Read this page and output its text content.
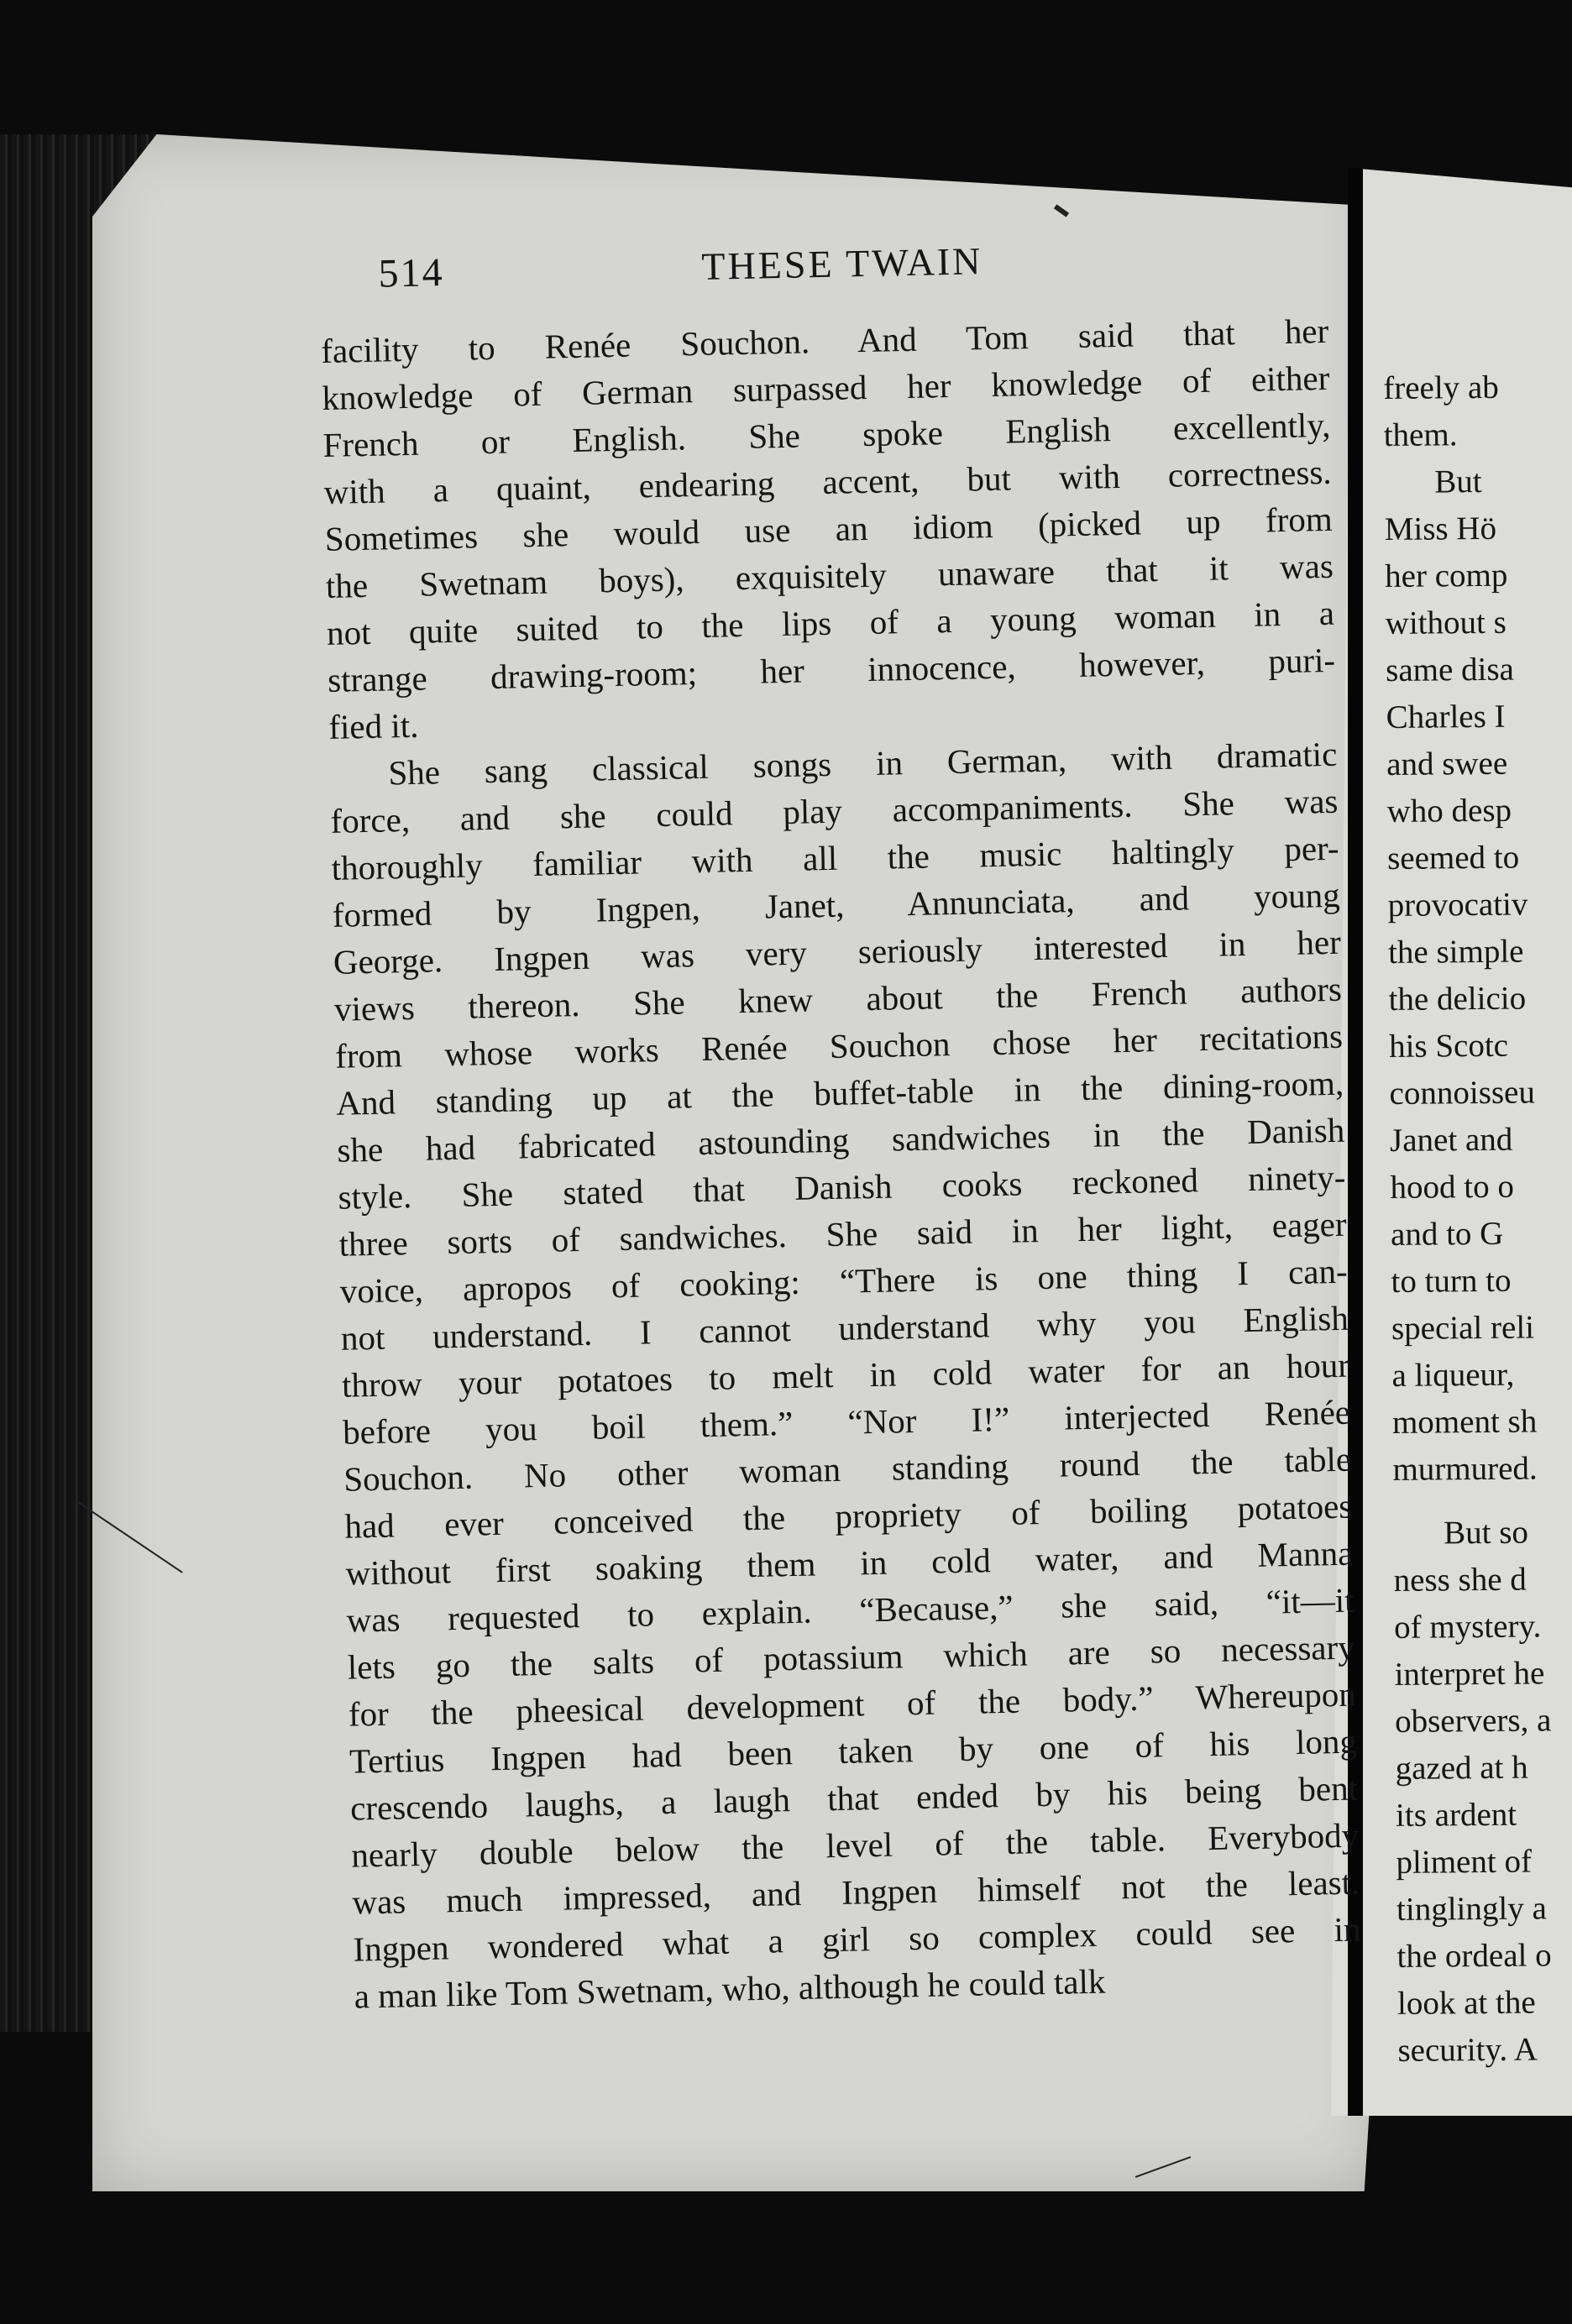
514	THESE TWAIN
facility to Renée Souchon. And Tom said that her
knowledge of German surpassed her knowledge of either
French or English. She spoke English excellently,
with a quaint, endearing accent, but with correctness.
Sometimes she would use an idiom (picked up from
the Swetnam boys), exquisitely unaware that it was
not quite suited to the lips of a young woman in a
strange drawing-room; her innocence, however, puri-
fied it.
She sang classical songs in German, with dramatic
force, and she could play accompaniments. She was
thoroughly familiar with all the music haltingly per-
formed by Ingpen, Janet, Annunciata, and young
George. Ingpen was very seriously interested in her
views thereon. She knew about the French authors
from whose works Renée Souchon chose her recitations
And standing up at the buffet-table in the dining-room,
she had fabricated astounding sandwiches in the Danish
style. She stated that Danish cooks reckoned ninety-
three sorts of sandwiches. She said in her light, eager
voice, apropos of cooking: “There is one thing I can-
not understand. I cannot understand why you English
throw your potatoes to melt in cold water for an hour
before you boil them.” “Nor I!” interjected Renée
Souchon. No other woman standing round the table
had ever conceived the propriety of boiling potatoes
without first soaking them in cold water, and Manna
was requested to explain. “Because,” she said, “it—it
lets go the salts of potassium which are so necessary
for the pheesical development of the body.” Whereupon
Tertius Ingpen had been taken by one of his long
crescendo laughs, a laugh that ended by his being bent
nearly double below the level of the table. Everybody
was much impressed, and Ingpen himself not the least.
Ingpen wondered what a girl so complex could see in
a man like Tom Swetnam, who, although he could talk
freely ab
them.
But
Miss Hö
her comp
without s
same disa
Charles I
and swee
who desp
seemed to
provocativ
the simple
the delicio
his Scotc
connoisseu
Janet and
hood to o
and to G
to turn to
special reli
a liqueur,
moment sh
murmured.
But so
ness she d
of mystery.
interpret he
observers, a
gazed at h
its ardent
pliment of
tinglingly a
the ordeal o
look at the
security. A
